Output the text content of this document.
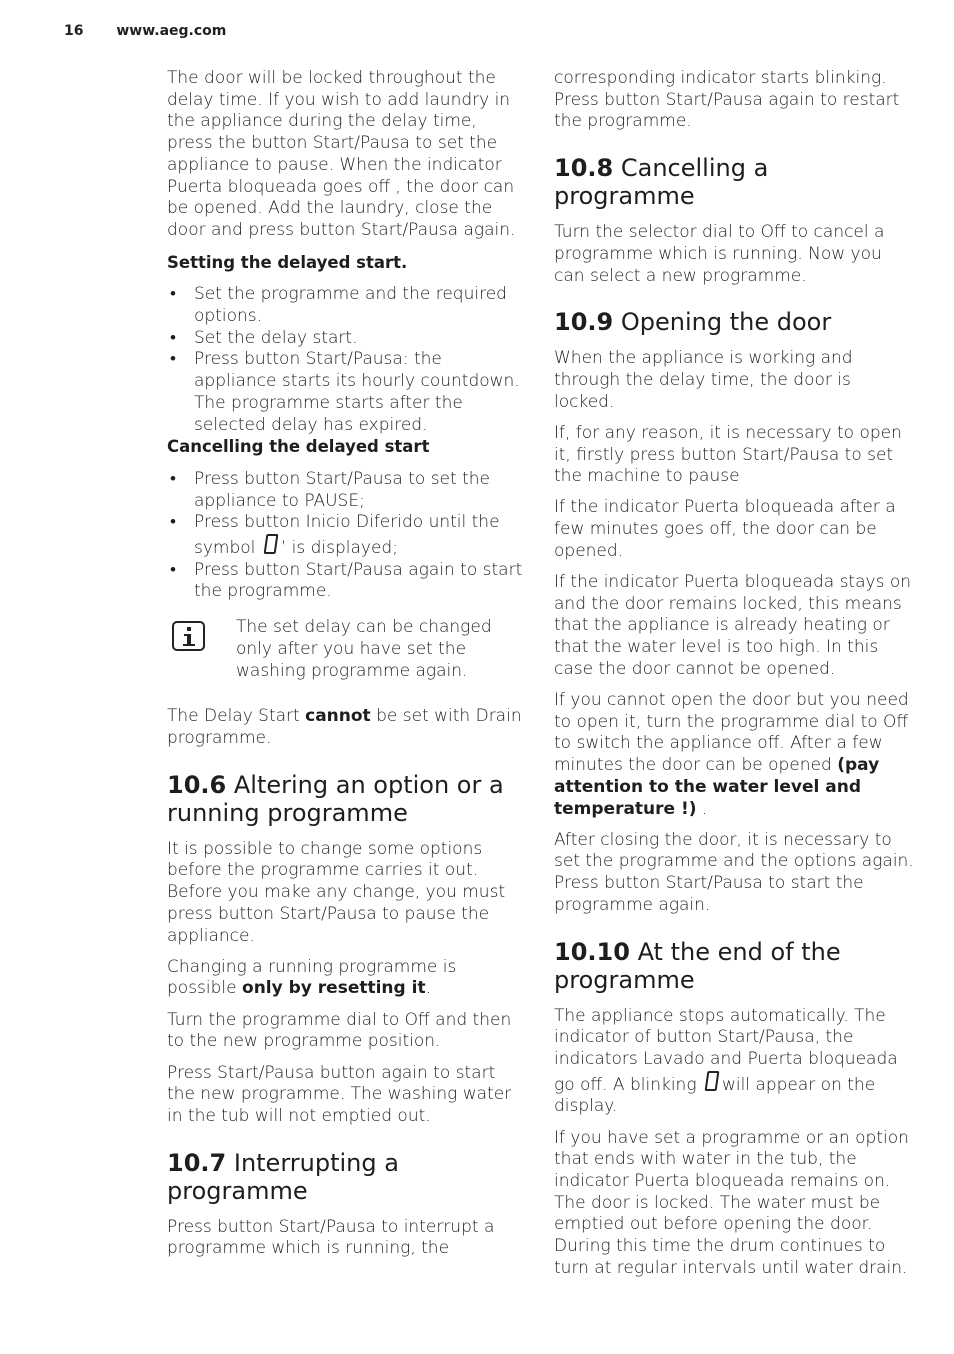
16 www.aeg.com

The door will be locked throughout the delay time. If you wish to add laundry in the appliance during the delay time, press the button Start/Pausa to set the appliance to pause. When the indicator Puerta bloqueada goes off , the door can be opened. Add the laundry, close the door and press button Start/Pausa again.

Setting the delayed start.
• Set the programme and the required options.
• Set the delay start.
• Press button Start/Pausa: the appliance starts its hourly countdown. The programme starts after the selected delay has expired.
Cancelling the delayed start
• Press button Start/Pausa to set the appliance to PAUSE;
• Press button Inicio Diferido until the symbol ’ is displayed;
• Press button Start/Pausa again to start the programme.
The set delay can be changed only after you have set the washing programme again.

The Delay Start cannot be set with Drain programme.

10.6 Altering an option or a running programme

It is possible to change some options before the programme carries it out. Before you make any change, you must press button Start/Pausa to pause the appliance.

Changing a running programme is possible only by resetting it.

Turn the programme dial to Off and then to the new programme position.

Press Start/Pausa button again to start the new programme. The washing water in the tub will not emptied out.

10.7 Interrupting a programme

Press button Start/Pausa to interrupt a programme which is running, the

corresponding indicator starts blinking. Press button Start/Pausa again to restart the programme.

10.8 Cancelling a programme

Turn the selector dial to Off to cancel a programme which is running. Now you can select a new programme.

10.9 Opening the door

When the appliance is working and through the delay time, the door is locked.

If, for any reason, it is necessary to open it, firstly press button Start/Pausa to set the machine to pause

If the indicator Puerta bloqueada after a few minutes goes off, the door can be opened.

If the indicator Puerta bloqueada stays on and the door remains locked, this means that the appliance is already heating or that the water level is too high. In this case the door cannot be opened.

If you cannot open the door but you need to open it, turn the programme dial to Off to switch the appliance off. After a few minutes the door can be opened (pay attention to the water level and temperature !) .

After closing the door, it is necessary to set the programme and the options again. Press button Start/Pausa to start the programme again.

10.10 At the end of the programme

The appliance stops automatically. The indicator of button Start/Pausa, the indicators Lavado and Puerta bloqueada go off. A blinking will appear on the display.

If you have set a programme or an option that ends with water in the tub, the indicator Puerta bloqueada remains on. The door is locked. The water must be emptied out before opening the door. During this time the drum continues to turn at regular intervals until water drain.
